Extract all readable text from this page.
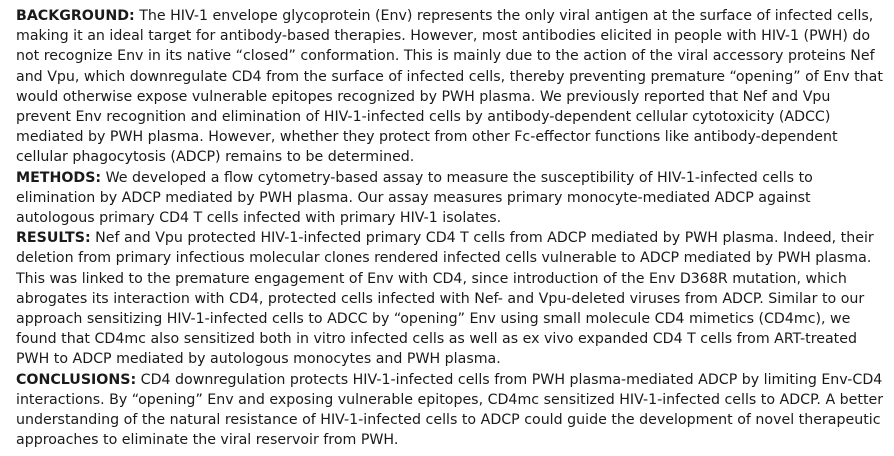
BACKGROUND: The HIV-1 envelope glycoprotein (Env) represents the only viral antigen at the surface of infected cells, making it an ideal target for antibody-based therapies. However, most antibodies elicited in people with HIV-1 (PWH) do not recognize Env in its native “closed” conformation. This is mainly due to the action of the viral accessory proteins Nef and Vpu, which downregulate CD4 from the surface of infected cells, thereby preventing premature “opening” of Env that would otherwise expose vulnerable epitopes recognized by PWH plasma. We previously reported that Nef and Vpu prevent Env recognition and elimination of HIV-1-infected cells by antibody-dependent cellular cytotoxicity (ADCC) mediated by PWH plasma. However, whether they protect from other Fc-effector functions like antibody-dependent cellular phagocytosis (ADCP) remains to be determined.

METHODS: We developed a flow cytometry-based assay to measure the susceptibility of HIV-1-infected cells to elimination by ADCP mediated by PWH plasma. Our assay measures primary monocyte-mediated ADCP against autologous primary CD4 T cells infected with primary HIV-1 isolates.

RESULTS: Nef and Vpu protected HIV-1-infected primary CD4 T cells from ADCP mediated by PWH plasma. Indeed, their deletion from primary infectious molecular clones rendered infected cells vulnerable to ADCP mediated by PWH plasma. This was linked to the premature engagement of Env with CD4, since introduction of the Env D368R mutation, which abrogates its interaction with CD4, protected cells infected with Nef- and Vpu-deleted viruses from ADCP. Similar to our approach sensitizing HIV-1-infected cells to ADCC by “opening” Env using small molecule CD4 mimetics (CD4mc), we found that CD4mc also sensitized both in vitro infected cells as well as ex vivo expanded CD4 T cells from ART-treated PWH to ADCP mediated by autologous monocytes and PWH plasma.

CONCLUSIONS: CD4 downregulation protects HIV-1-infected cells from PWH plasma-mediated ADCP by limiting Env-CD4 interactions. By “opening” Env and exposing vulnerable epitopes, CD4mc sensitized HIV-1-infected cells to ADCP. A better understanding of the natural resistance of HIV-1-infected cells to ADCP could guide the development of novel therapeutic approaches to eliminate the viral reservoir from PWH.
